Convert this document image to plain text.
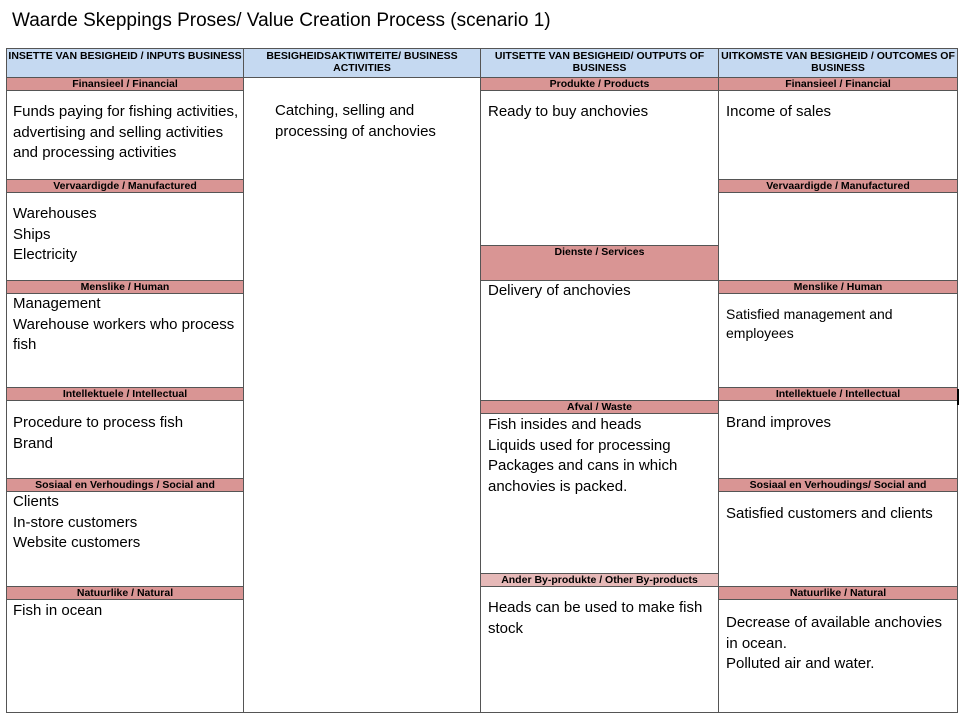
Waarde Skeppings Proses/ Value Creation Process (scenario 1)
INSETTE VAN BESIGHEID / INPUTS BUSINESS	BESIGHEIDSAKTIWITEITE/ BUSINESS ACTIVITIES
UITSETTE VAN BESIGHEID/ OUTPUTS OF BUSINESS
UITKOMSTE VAN BESIGHEID / OUTCOMES OF BUSINESS
Catching, selling and
processing of anchovies
Finansieel / Financial
Funds paying for fishing activities,
advertising and selling activities
and processing activities
Vervaardigde / Manufactured
Warehouses
Ships
Electricity
Menslike / Human
Management
Warehouse workers who process
fish
Intellektuele / Intellectual
Procedure to process fish
Brand
Sosiaal en Verhoudings / Social and
Clients
In-store customers
Website customers
Natuurlike / Natural
Fish in ocean
Produkte / Products
Ready to buy anchovies
Dienste / Services
Delivery of anchovies
Afval / Waste
Fish insides and heads
Liquids used for processing
Packages and cans in which
anchovies is packed.
Ander By-produkte / Other By-products
Heads can be used to make fish
stock
Finansieel / Financial
Income of sales
Vervaardigde / Manufactured
Menslike / Human
Satisfied management and
employees
Intellektuele / Intellectual
Brand improves
Sosiaal en Verhoudings/ Social and
Satisfied customers and clients
Natuurlike / Natural
Decrease of available anchovies
in ocean.
Polluted air and water.
